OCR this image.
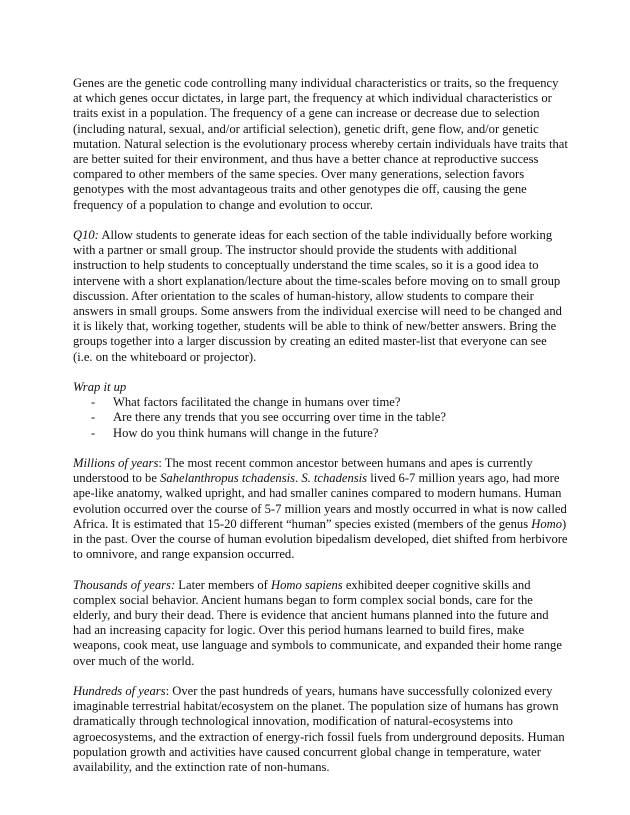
Genes are the genetic code controlling many individual characteristics or traits, so the frequency at which genes occur dictates, in large part, the frequency at which individual characteristics or traits exist in a population. The frequency of a gene can increase or decrease due to selection (including natural, sexual, and/or artificial selection), genetic drift, gene flow, and/or genetic mutation. Natural selection is the evolutionary process whereby certain individuals have traits that are better suited for their environment, and thus have a better chance at reproductive success compared to other members of the same species. Over many generations, selection favors genotypes with the most advantageous traits and other genotypes die off, causing the gene frequency of a population to change and evolution to occur.

Q10: Allow students to generate ideas for each section of the table individually before working with a partner or small group. The instructor should provide the students with additional instruction to help students to conceptually understand the time scales, so it is a good idea to intervene with a short explanation/lecture about the time-scales before moving on to small group discussion. After orientation to the scales of human-history, allow students to compare their answers in small groups. Some answers from the individual exercise will need to be changed and it is likely that, working together, students will be able to think of new/better answers. Bring the groups together into a larger discussion by creating an edited master-list that everyone can see (i.e. on the whiteboard or projector).

Wrap it up

- What factors facilitated the change in humans over time?
- Are there any trends that you see occurring over time in the table?
- How do you think humans will change in the future?

Millions of years: The most recent common ancestor between humans and apes is currently understood to be Sahelanthropus tchadensis. S. tchadensis lived 6-7 million years ago, had more ape-like anatomy, walked upright, and had smaller canines compared to modern humans. Human evolution occurred over the course of 5-7 million years and mostly occurred in what is now called Africa. It is estimated that 15-20 different “human” species existed (members of the genus Homo) in the past. Over the course of human evolution bipedalism developed, diet shifted from herbivore to omnivore, and range expansion occurred.

Thousands of years: Later members of Homo sapiens exhibited deeper cognitive skills and complex social behavior. Ancient humans began to form complex social bonds, care for the elderly, and bury their dead. There is evidence that ancient humans planned into the future and had an increasing capacity for logic. Over this period humans learned to build fires, make weapons, cook meat, use language and symbols to communicate, and expanded their home range over much of the world.

Hundreds of years: Over the past hundreds of years, humans have successfully colonized every imaginable terrestrial habitat/ecosystem on the planet. The population size of humans has grown dramatically through technological innovation, modification of natural-ecosystems into agroecosystems, and the extraction of energy-rich fossil fuels from underground deposits. Human population growth and activities have caused concurrent global change in temperature, water availability, and the extinction rate of non-humans.
